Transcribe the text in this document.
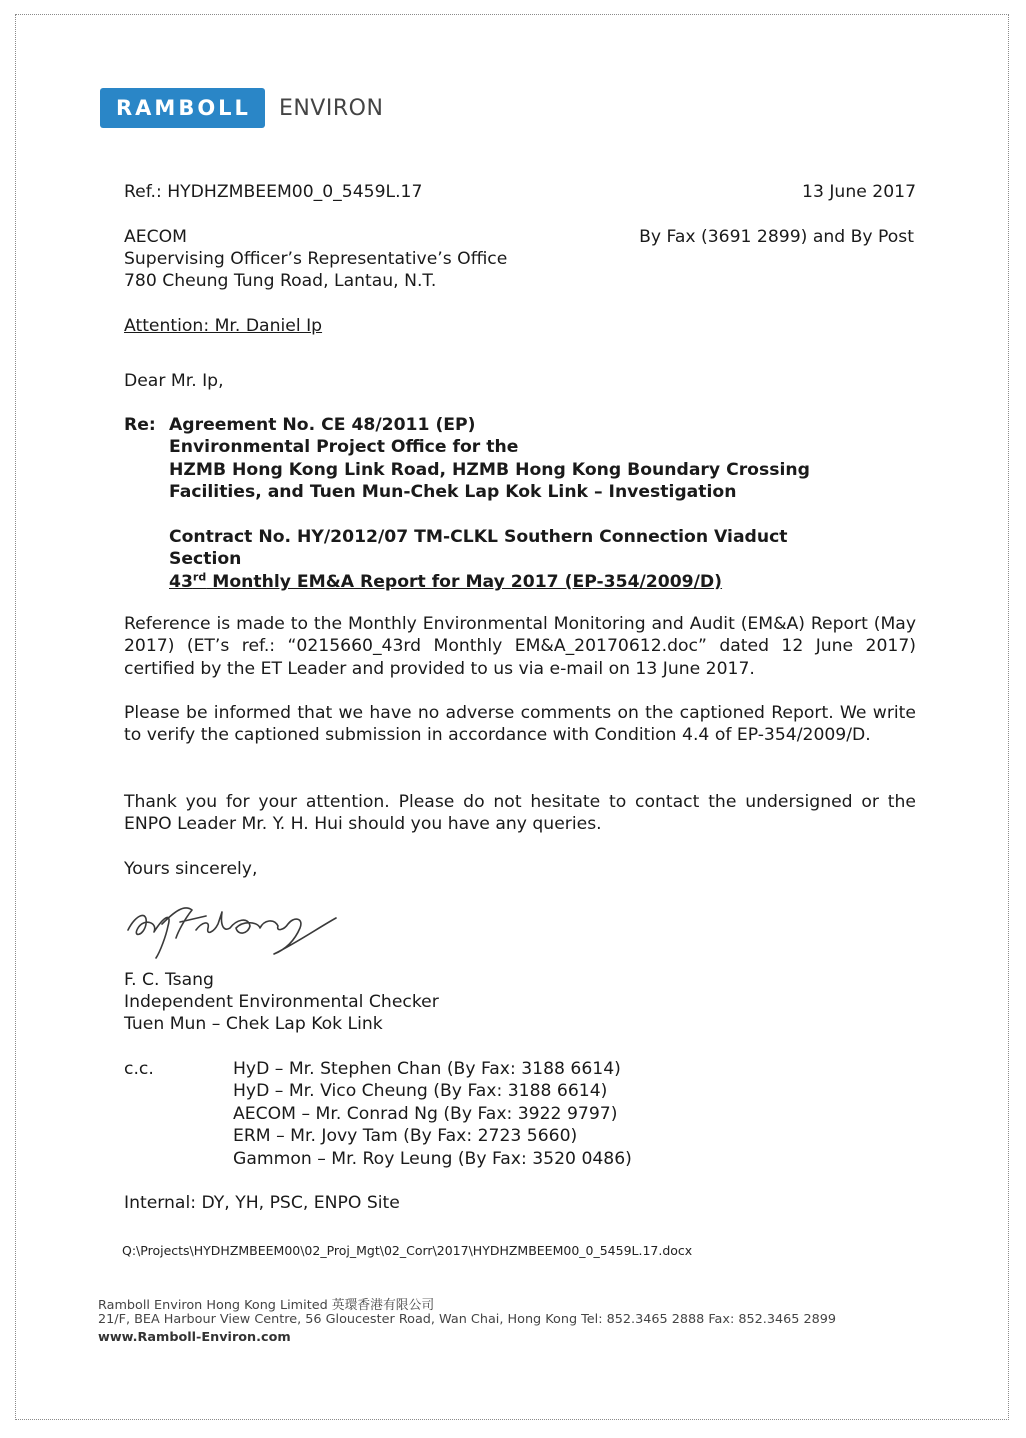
RAMBOLL	ENVIRON
Ref.: HYDHZMBEEM00_0_5459L.17	13 June 2017
AECOM	By Fax (3691 2899) and By Post
Supervising Officer’s Representative’s Office
780 Cheung Tung Road, Lantau, N.T.
Attention: Mr. Daniel Ip
Dear Mr. Ip,
Re: Agreement No. CE 48/2011 (EP)
Environmental Project Office for the
HZMB Hong Kong Link Road, HZMB Hong Kong Boundary Crossing
Facilities, and Tuen Mun-Chek Lap Kok Link – Investigation
Contract No. HY/2012/07 TM-CLKL Southern Connection Viaduct
Section
43rd Monthly EM&A Report for May 2017 (EP-354/2009/D)
Reference is made to the Monthly Environmental Monitoring and Audit (EM&A) Report (May 2017) (ET’s ref.: “0215660_43rd Monthly EM&A_20170612.doc” dated 12 June 2017) certified by the ET Leader and provided to us via e-mail on 13 June 2017.
Please be informed that we have no adverse comments on the captioned Report. We write to verify the captioned submission in accordance with Condition 4.4 of EP-354/2009/D.
Thank you for your attention. Please do not hesitate to contact the undersigned or the ENPO Leader Mr. Y. H. Hui should you have any queries.
Yours sincerely,
F. C. Tsang
Independent Environmental Checker
Tuen Mun – Chek Lap Kok Link
c.c.	HyD – Mr. Stephen Chan (By Fax: 3188 6614)
HyD – Mr. Vico Cheung (By Fax: 3188 6614)
AECOM – Mr. Conrad Ng (By Fax: 3922 9797)
ERM – Mr. Jovy Tam (By Fax: 2723 5660)
Gammon – Mr. Roy Leung (By Fax: 3520 0486)
Internal: DY, YH, PSC, ENPO Site
Q:\Projects\HYDHZMBEEM00\02_Proj_Mgt\02_Corr\2017\HYDHZMBEEM00_0_5459L.17.docx
Ramboll Environ Hong Kong Limited 英環香港有限公司
21/F, BEA Harbour View Centre, 56 Gloucester Road, Wan Chai, Hong Kong Tel: 852.3465 2888 Fax: 852.3465 2899
www.Ramboll-Environ.com
